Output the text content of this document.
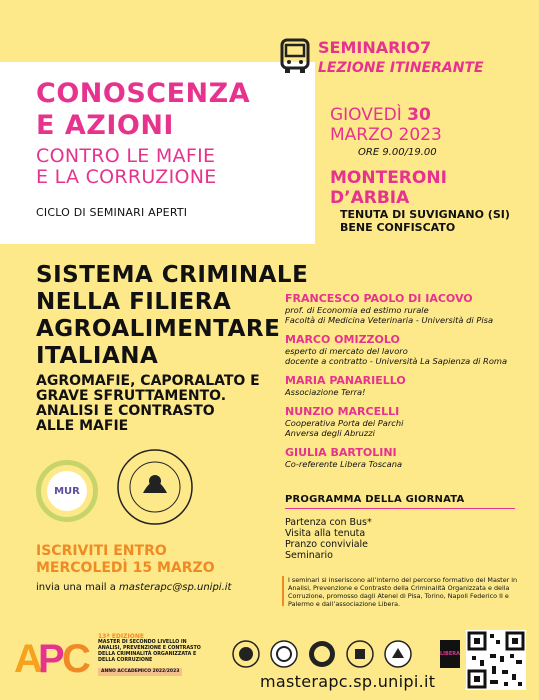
CONOSCENZA
E AZIONI
CONTRO LE MAFIE
E LA CORRUZIONE
CICLO DI SEMINARI APERTI
SEMINARIO7
LEZIONE ITINERANTE
GIOVEDÌ 30
MARZO 2023
ORE 9.00/19.00
MONTERONI
D’ARBIA
TENUTA DI SUVIGNANO (SI)
BENE CONFISCATO
SISTEMA CRIMINALE
NELLA FILIERA
AGROALIMENTARE
ITALIANA
AGROMAFIE, CAPORALATO E
GRAVE SFRUTTAMENTO.
ANALISI E CONTRASTO
ALLE MAFIE
FRANCESCO PAOLO DI IACOVO
prof. di Economia ed estimo rurale
Facoltà di Medicina Veterinaria - Università di Pisa
MARCO OMIZZOLO
esperto di mercato del lavoro
docente a contratto - Università La Sapienza di Roma
MARIA PANARIELLO
Associazione Terra!
NUNZIO MARCELLI
Cooperativa Porta dei Parchi
Anversa degli Abruzzi
GIULIA BARTOLINI
Co-referente Libera Toscana
MUR
PROGRAMMA DELLA GIORNATA
Partenza con Bus*
Visita alla tenuta
Pranzo conviviale
Seminario
ISCRIVITI ENTRO
MERCOLEDÌ 15 MARZO
invia una mail a masterapc@sp.unipi.it
I seminari si inseriscono all’interno del percorso formativo del Master in Analisi, Prevenzione e Contrasto della Criminalità Organizzata e della Corruzione, promosso dagli Atenei di Pisa, Torino, Napoli Federico II e Palermo e dall’associazione Libera.
A
P
C
13ª EDIZIONE
MASTER DI SECONDO LIVELLO IN ANALISI, PREVENZIONE E CONTRASTO DELLA CRIMINALITÀ ORGANIZZATA E DELLA CORRUZIONE
ANNO ACCADEMICO 2022/2023
LIBERA
masterapc.sp.unipi.it
